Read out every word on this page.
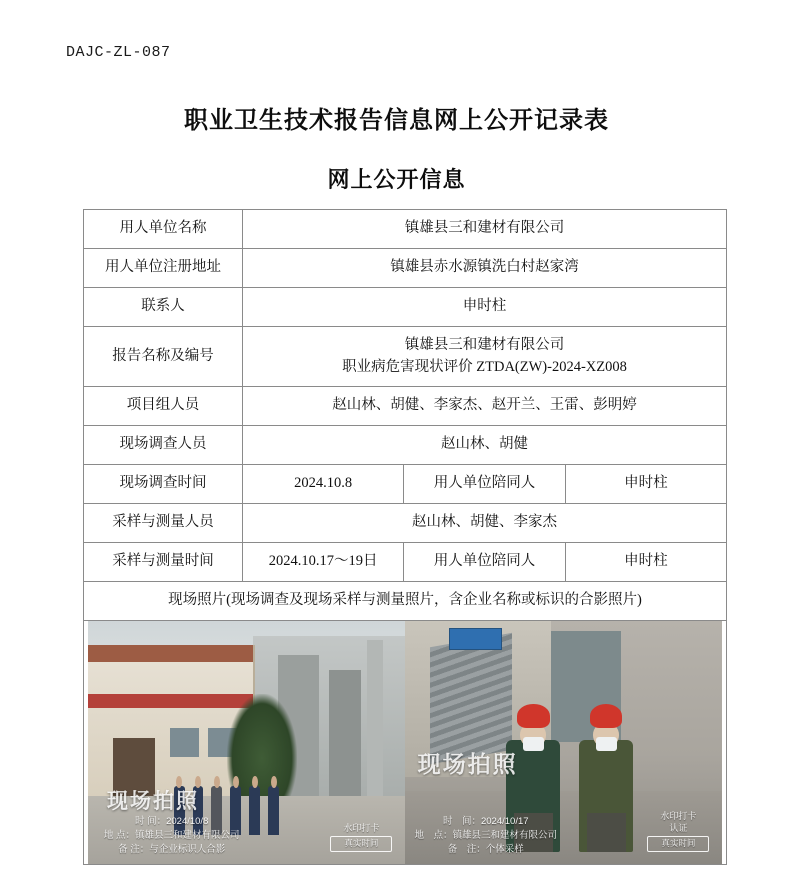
DAJC-ZL-087
职业卫生技术报告信息网上公开记录表
网上公开信息
用人单位名称	镇雄县三和建材有限公司		
用人单位注册地址	镇雄县赤水源镇洗白村赵家湾		
联系人	申时柱		
报告名称及编号	镇雄县三和建材有限公司
职业病危害现状评价 ZTDA(ZW)-2024-XZ008		

项目组人员	赵山林、胡健、李家杰、赵开兰、王雷、彭明婷		
现场调查人员	赵山林、胡健		
现场调查时间	2024.10.8	用人单位陪同人	申时柱
采样与测量人员	赵山林、胡健、李家杰		
采样与测量时间	2024.10.17～19日	用人单位陪同人	申时柱
现场照片(现场调查及现场采样与测量照片，含企业名称或标识的合影照片)			

现场拍照
时 间：2024/10/8
地 点：镇雄县三和建材有限公司
备 注：与企业标识人合影
水印打卡
真实时间
现场拍照
时　间：2024/10/17
地　点：镇雄县三和建材有限公司
备　注：个体采样
水印打卡
认证
真实时间
